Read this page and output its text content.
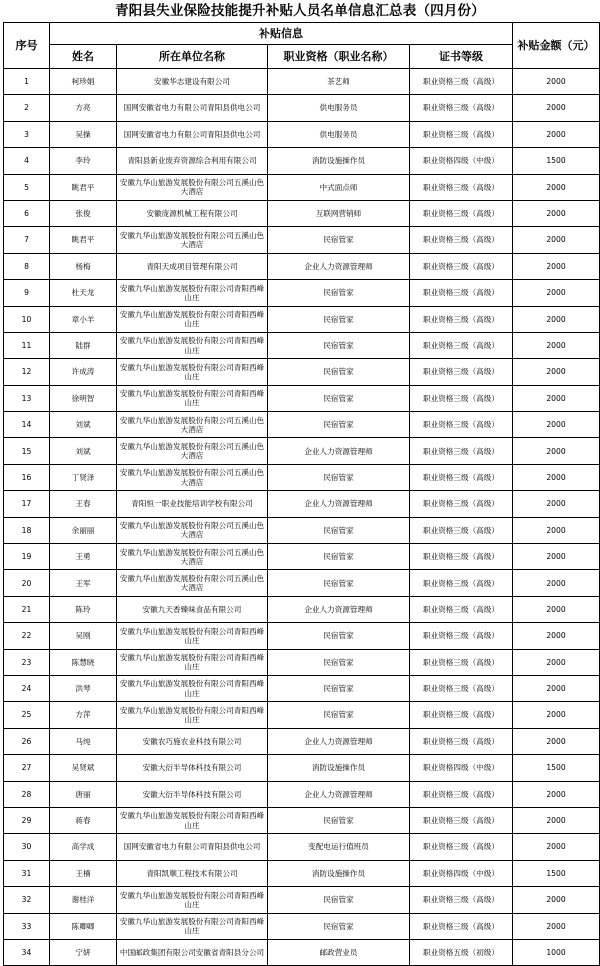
青阳县失业保险技能提升补贴人员名单信息汇总表（四月份）
序号	补贴信息				补贴金额（元）
	姓名	所在单位名称	职业资格（职业名称）	证书等级	
1	柯珍娟	安徽华志建设有限公司	茶艺师	职业资格三级（高级）	2000
2	方亮	国网安徽省电力有限公司青阳县供电公司	供电服务员	职业资格三级（高级）	2000
3	吴操	国网安徽省电力有限公司青阳县供电公司	供电服务员	职业资格三级（高级）	2000
4	李玲	青阳县新业废弃资源综合利用有限公司	消防设施操作员	职业资格四级（中级）	1500
5	眺君平	安徽九华山旅游发展股份有限公司五溪山色大酒店	中式面点师	职业资格三级（高级）	2000
6	张俊	安徽庞源机械工程有限公司	互联网营销师	职业资格三级（高级）	2000
7	眺君平	安徽九华山旅游发展股份有限公司五溪山色大酒店	民宿管家	职业资格三级（高级）	2000
8	杨梅	青阳天成项目管理有限公司	企业人力资源管理师	职业资格三级（高级）	2000
9	杜天龙	安徽九华山旅游发展股份有限公司青阳西峰山庄	民宿管家	职业资格三级（高级）	2000
10	章小羊	安徽九华山旅游发展股份有限公司青阳西峰山庄	民宿管家	职业资格三级（高级）	2000
11	陆群	安徽九华山旅游发展股份有限公司青阳西峰山庄	民宿管家	职业资格三级（高级）	2000
12	许成涛	安徽九华山旅游发展股份有限公司青阳西峰山庄	民宿管家	职业资格三级（高级）	2000
13	徐明智	安徽九华山旅游发展股份有限公司青阳西峰山庄	民宿管家	职业资格三级（高级）	2000
14	刘斌	安徽九华山旅游发展股份有限公司五溪山色大酒店	民宿管家	职业资格三级（高级）	2000
15	刘斌	安徽九华山旅游发展股份有限公司五溪山色大酒店	企业人力资源管理师	职业资格三级（高级）	2000
16	丁贤泽	安徽九华山旅游发展股份有限公司五溪山色大酒店	民宿管家	职业资格三级（高级）	2000
17	王春	青阳恒一职业技能培训学校有限公司	企业人力资源管理师	职业资格三级（高级）	2000
18	余丽丽	安徽九华山旅游发展股份有限公司五溪山色大酒店	民宿管家	职业资格三级（高级）	2000
19	王勇	安徽九华山旅游发展股份有限公司五溪山色大酒店	民宿管家	职业资格三级（高级）	2000
20	王军	安徽九华山旅游发展股份有限公司五溪山色大酒店	民宿管家	职业资格三级（高级）	2000
21	陈玲	安徽九天香臻味食品有限公司	企业人力资源管理师	职业资格三级（高级）	2000
22	吴刚	安徽九华山旅游发展股份有限公司青阳西峰山庄	民宿管家	职业资格三级（高级）	2000
23	陈慧晓	安徽九华山旅游发展股份有限公司青阳西峰山庄	民宿管家	职业资格三级（高级）	2000
24	洪琴	安徽九华山旅游发展股份有限公司青阳西峰山庄	民宿管家	职业资格三级（高级）	2000
25	方萍	安徽九华山旅游发展股份有限公司青阳西峰山庄	民宿管家	职业资格三级（高级）	2000
26	马纯	安徽农巧施农业科技有限公司	企业人力资源管理师	职业资格三级（高级）	2000
27	吴贤斌	安徽大衍半导体科技有限公司	消防设施操作员	职业资格四级（中级）	1500
28	唐丽	安徽大衍半导体科技有限公司	企业人力资源管理师	职业资格三级（高级）	2000
29	蒋春	安徽九华山旅游发展股份有限公司青阳西峰山庄	民宿管家	职业资格三级（高级）	2000
30	高学成	国网安徽省电力有限公司青阳县供电公司	变配电运行值班员	职业资格三级（高级）	2000
31	王楠	青阳凯顺工程技术有限公司	消防设施操作员	职业资格四级（中级）	1500
32	谢桂洋	安徽九华山旅游发展股份有限公司青阳西峰山庄	民宿管家	职业资格三级（高级）	2000
33	陈卿卿	安徽九华山旅游发展股份有限公司青阳西峰山庄	民宿管家	职业资格三级（高级）	2000
34	宁妍	中国邮政集团有限公司安徽省青阳县分公司	邮政营业员	职业资格五级（初级）	1000
